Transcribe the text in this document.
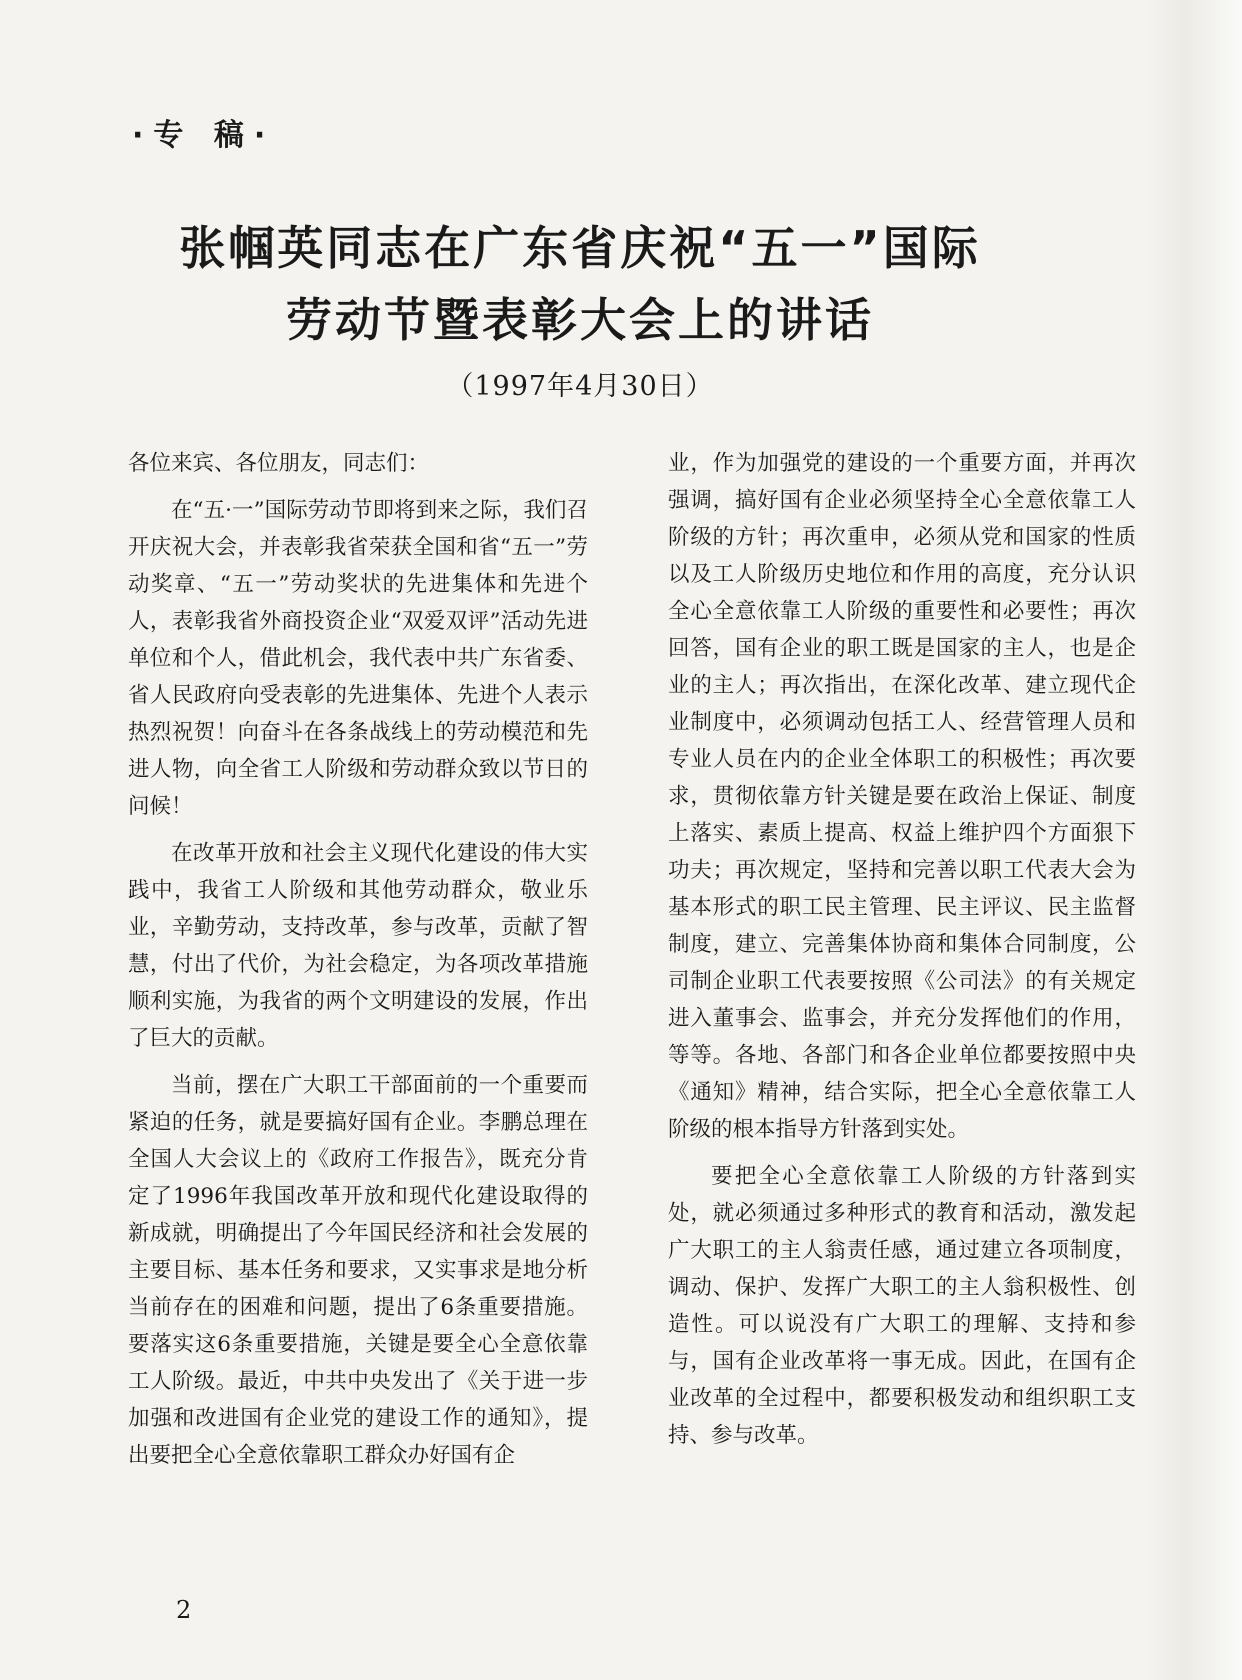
·专 稿·
张帼英同志在广东省庆祝“五一”国际
劳动节暨表彰大会上的讲话
（1997年4月30日）

各位来宾、各位朋友，同志们：

在“五·一”国际劳动节即将到来之际，我们召开庆祝大会，并表彰我省荣获全国和省“五一”劳动奖章、“五一”劳动奖状的先进集体和先进个人，表彰我省外商投资企业“双爱双评”活动先进单位和个人，借此机会，我代表中共广东省委、省人民政府向受表彰的先进集体、先进个人表示热烈祝贺！向奋斗在各条战线上的劳动模范和先进人物，向全省工人阶级和劳动群众致以节日的问候！

在改革开放和社会主义现代化建设的伟大实践中，我省工人阶级和其他劳动群众，敬业乐业，辛勤劳动，支持改革，参与改革，贡献了智慧，付出了代价，为社会稳定，为各项改革措施顺利实施，为我省的两个文明建设的发展，作出了巨大的贡献。

当前，摆在广大职工干部面前的一个重要而紧迫的任务，就是要搞好国有企业。李鹏总理在全国人大会议上的《政府工作报告》，既充分肯定了1996年我国改革开放和现代化建设取得的新成就，明确提出了今年国民经济和社会发展的主要目标、基本任务和要求，又实事求是地分析当前存在的困难和问题，提出了6条重要措施。要落实这6条重要措施，关键是要全心全意依靠工人阶级。最近，中共中央发出了《关于进一步加强和改进国有企业党的建设工作的通知》，提出要把全心全意依靠职工群众办好国有企

业，作为加强党的建设的一个重要方面，并再次强调，搞好国有企业必须坚持全心全意依靠工人阶级的方针；再次重申，必须从党和国家的性质以及工人阶级历史地位和作用的高度，充分认识全心全意依靠工人阶级的重要性和必要性；再次回答，国有企业的职工既是国家的主人，也是企业的主人；再次指出，在深化改革、建立现代企业制度中，必须调动包括工人、经营管理人员和专业人员在内的企业全体职工的积极性；再次要求，贯彻依靠方针关键是要在政治上保证、制度上落实、素质上提高、权益上维护四个方面狠下功夫；再次规定，坚持和完善以职工代表大会为基本形式的职工民主管理、民主评议、民主监督制度，建立、完善集体协商和集体合同制度，公司制企业职工代表要按照《公司法》的有关规定进入董事会、监事会，并充分发挥他们的作用，等等。各地、各部门和各企业单位都要按照中央《通知》精神，结合实际，把全心全意依靠工人阶级的根本指导方针落到实处。

要把全心全意依靠工人阶级的方针落到实处，就必须通过多种形式的教育和活动，激发起广大职工的主人翁责任感，通过建立各项制度，调动、保护、发挥广大职工的主人翁积极性、创造性。可以说没有广大职工的理解、支持和参与，国有企业改革将一事无成。因此，在国有企业改革的全过程中，都要积极发动和组织职工支持、参与改革。

2
